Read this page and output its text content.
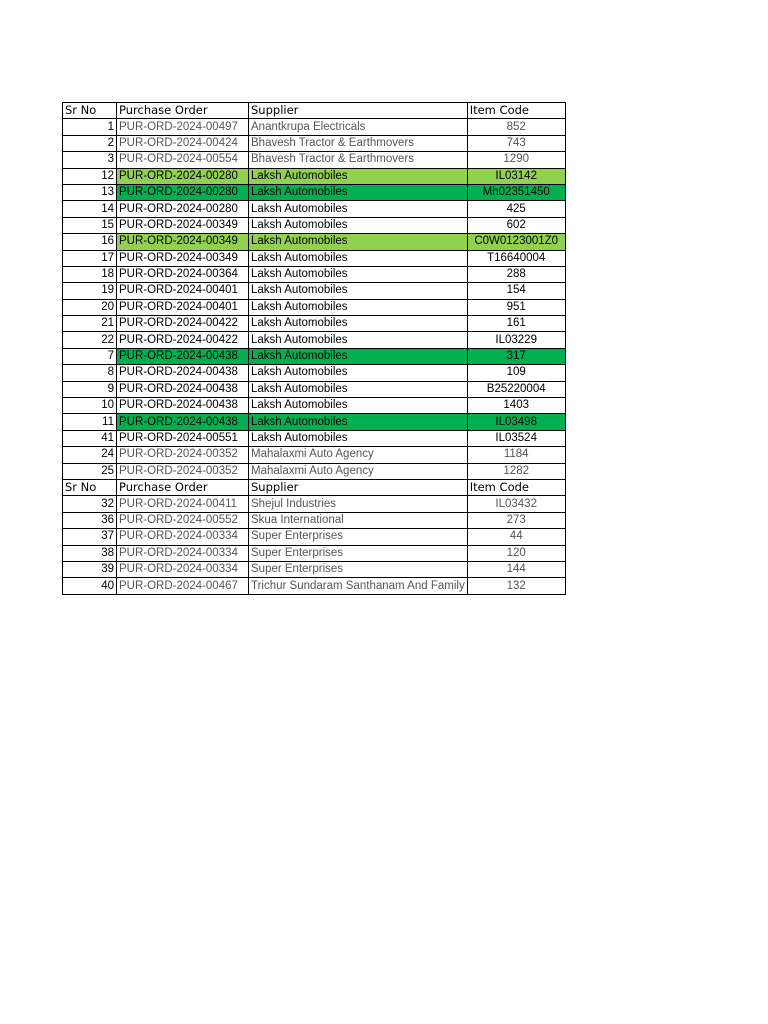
Sr No	Purchase Order	Supplier	Item Code
1	PUR-ORD-2024-00497	Anantkrupa Electricals	852
2	PUR-ORD-2024-00424	Bhavesh Tractor & Earthmovers	743
3	PUR-ORD-2024-00554	Bhavesh Tractor & Earthmovers	1290
12	PUR-ORD-2024-00280	Laksh Automobiles	IL03142
13	PUR-ORD-2024-00280	Laksh Automobiles	Mh02351450
14	PUR-ORD-2024-00280	Laksh Automobiles	425
15	PUR-ORD-2024-00349	Laksh Automobiles	602
16	PUR-ORD-2024-00349	Laksh Automobiles	C0W0123001Z0
17	PUR-ORD-2024-00349	Laksh Automobiles	T16640004
18	PUR-ORD-2024-00364	Laksh Automobiles	288
19	PUR-ORD-2024-00401	Laksh Automobiles	154
20	PUR-ORD-2024-00401	Laksh Automobiles	951
21	PUR-ORD-2024-00422	Laksh Automobiles	161
22	PUR-ORD-2024-00422	Laksh Automobiles	IL03229
7	PUR-ORD-2024-00438	Laksh Automobiles	317
8	PUR-ORD-2024-00438	Laksh Automobiles	109
9	PUR-ORD-2024-00438	Laksh Automobiles	B25220004
10	PUR-ORD-2024-00438	Laksh Automobiles	1403
11	PUR-ORD-2024-00438	Laksh Automobiles	IL03498
41	PUR-ORD-2024-00551	Laksh Automobiles	IL03524
24	PUR-ORD-2024-00352	Mahalaxmi Auto Agency	1184
25	PUR-ORD-2024-00352	Mahalaxmi Auto Agency	1282
Sr No	Purchase Order	Supplier	Item Code
32	PUR-ORD-2024-00411	Shejul Industries	IL03432
36	PUR-ORD-2024-00552	Skua International	273
37	PUR-ORD-2024-00334	Super Enterprises	44
38	PUR-ORD-2024-00334	Super Enterprises	120
39	PUR-ORD-2024-00334	Super Enterprises	144
40	PUR-ORD-2024-00467	Trichur Sundaram Santhanam And Family	132
